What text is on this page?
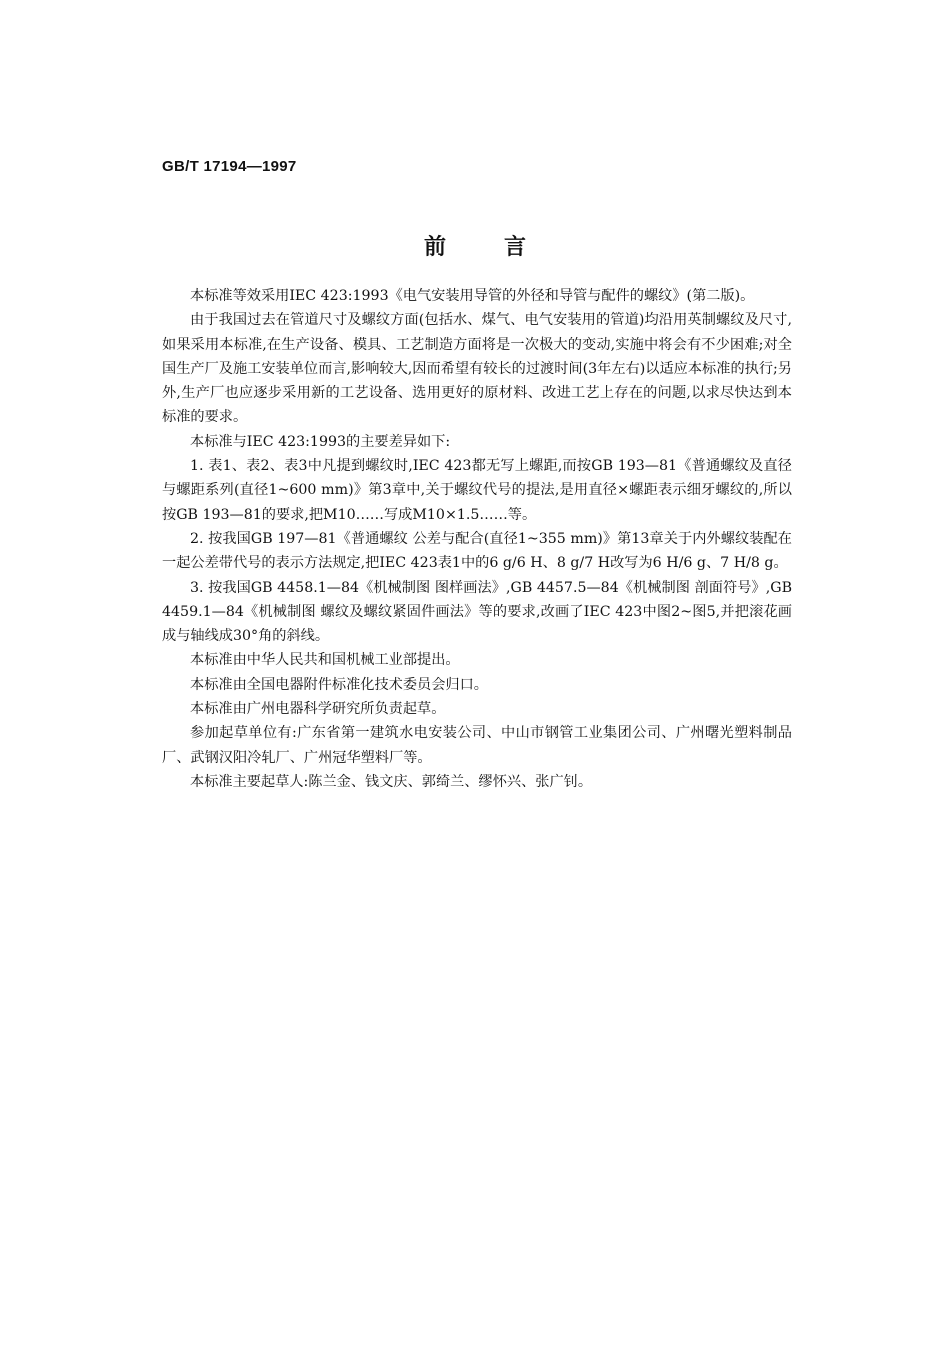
GB/T 17194—1997
前言

本标准等效采用IEC 423:1993《电气安装用导管的外径和导管与配件的螺纹》(第二版)。

由于我国过去在管道尺寸及螺纹方面(包括水、煤气、电气安装用的管道)均沿用英制螺纹及尺寸,如果采用本标准,在生产设备、模具、工艺制造方面将是一次极大的变动,实施中将会有不少困难;对全国生产厂及施工安装单位而言,影响较大,因而希望有较长的过渡时间(3年左右)以适应本标准的执行;另外,生产厂也应逐步采用新的工艺设备、选用更好的原材料、改进工艺上存在的问题,以求尽快达到本标准的要求。

本标准与IEC 423:1993的主要差异如下:

1. 表1、表2、表3中凡提到螺纹时,IEC 423都无写上螺距,而按GB 193—81《普通螺纹及直径与螺距系列(直径1~600 mm)》第3章中,关于螺纹代号的提法,是用直径×螺距表示细牙螺纹的,所以按GB 193—81的要求,把M10……写成M10×1.5……等。

2. 按我国GB 197—81《普通螺纹 公差与配合(直径1~355 mm)》第13章关于内外螺纹装配在一起公差带代号的表示方法规定,把IEC 423表1中的6 g/6 H、8 g/7 H改写为6 H/6 g、7 H/8 g。

3. 按我国GB 4458.1—84《机械制图 图样画法》,GB 4457.5—84《机械制图 剖面符号》,GB 4459.1—84《机械制图 螺纹及螺纹紧固件画法》等的要求,改画了IEC 423中图2~图5,并把滚花画成与轴线成30°角的斜线。

本标准由中华人民共和国机械工业部提出。

本标准由全国电器附件标准化技术委员会归口。

本标准由广州电器科学研究所负责起草。

参加起草单位有:广东省第一建筑水电安装公司、中山市钢管工业集团公司、广州曙光塑料制品厂、武钢汉阳冷轧厂、广州冠华塑料厂等。

本标准主要起草人:陈兰金、钱文庆、郭绮兰、缪怀兴、张广钊。
